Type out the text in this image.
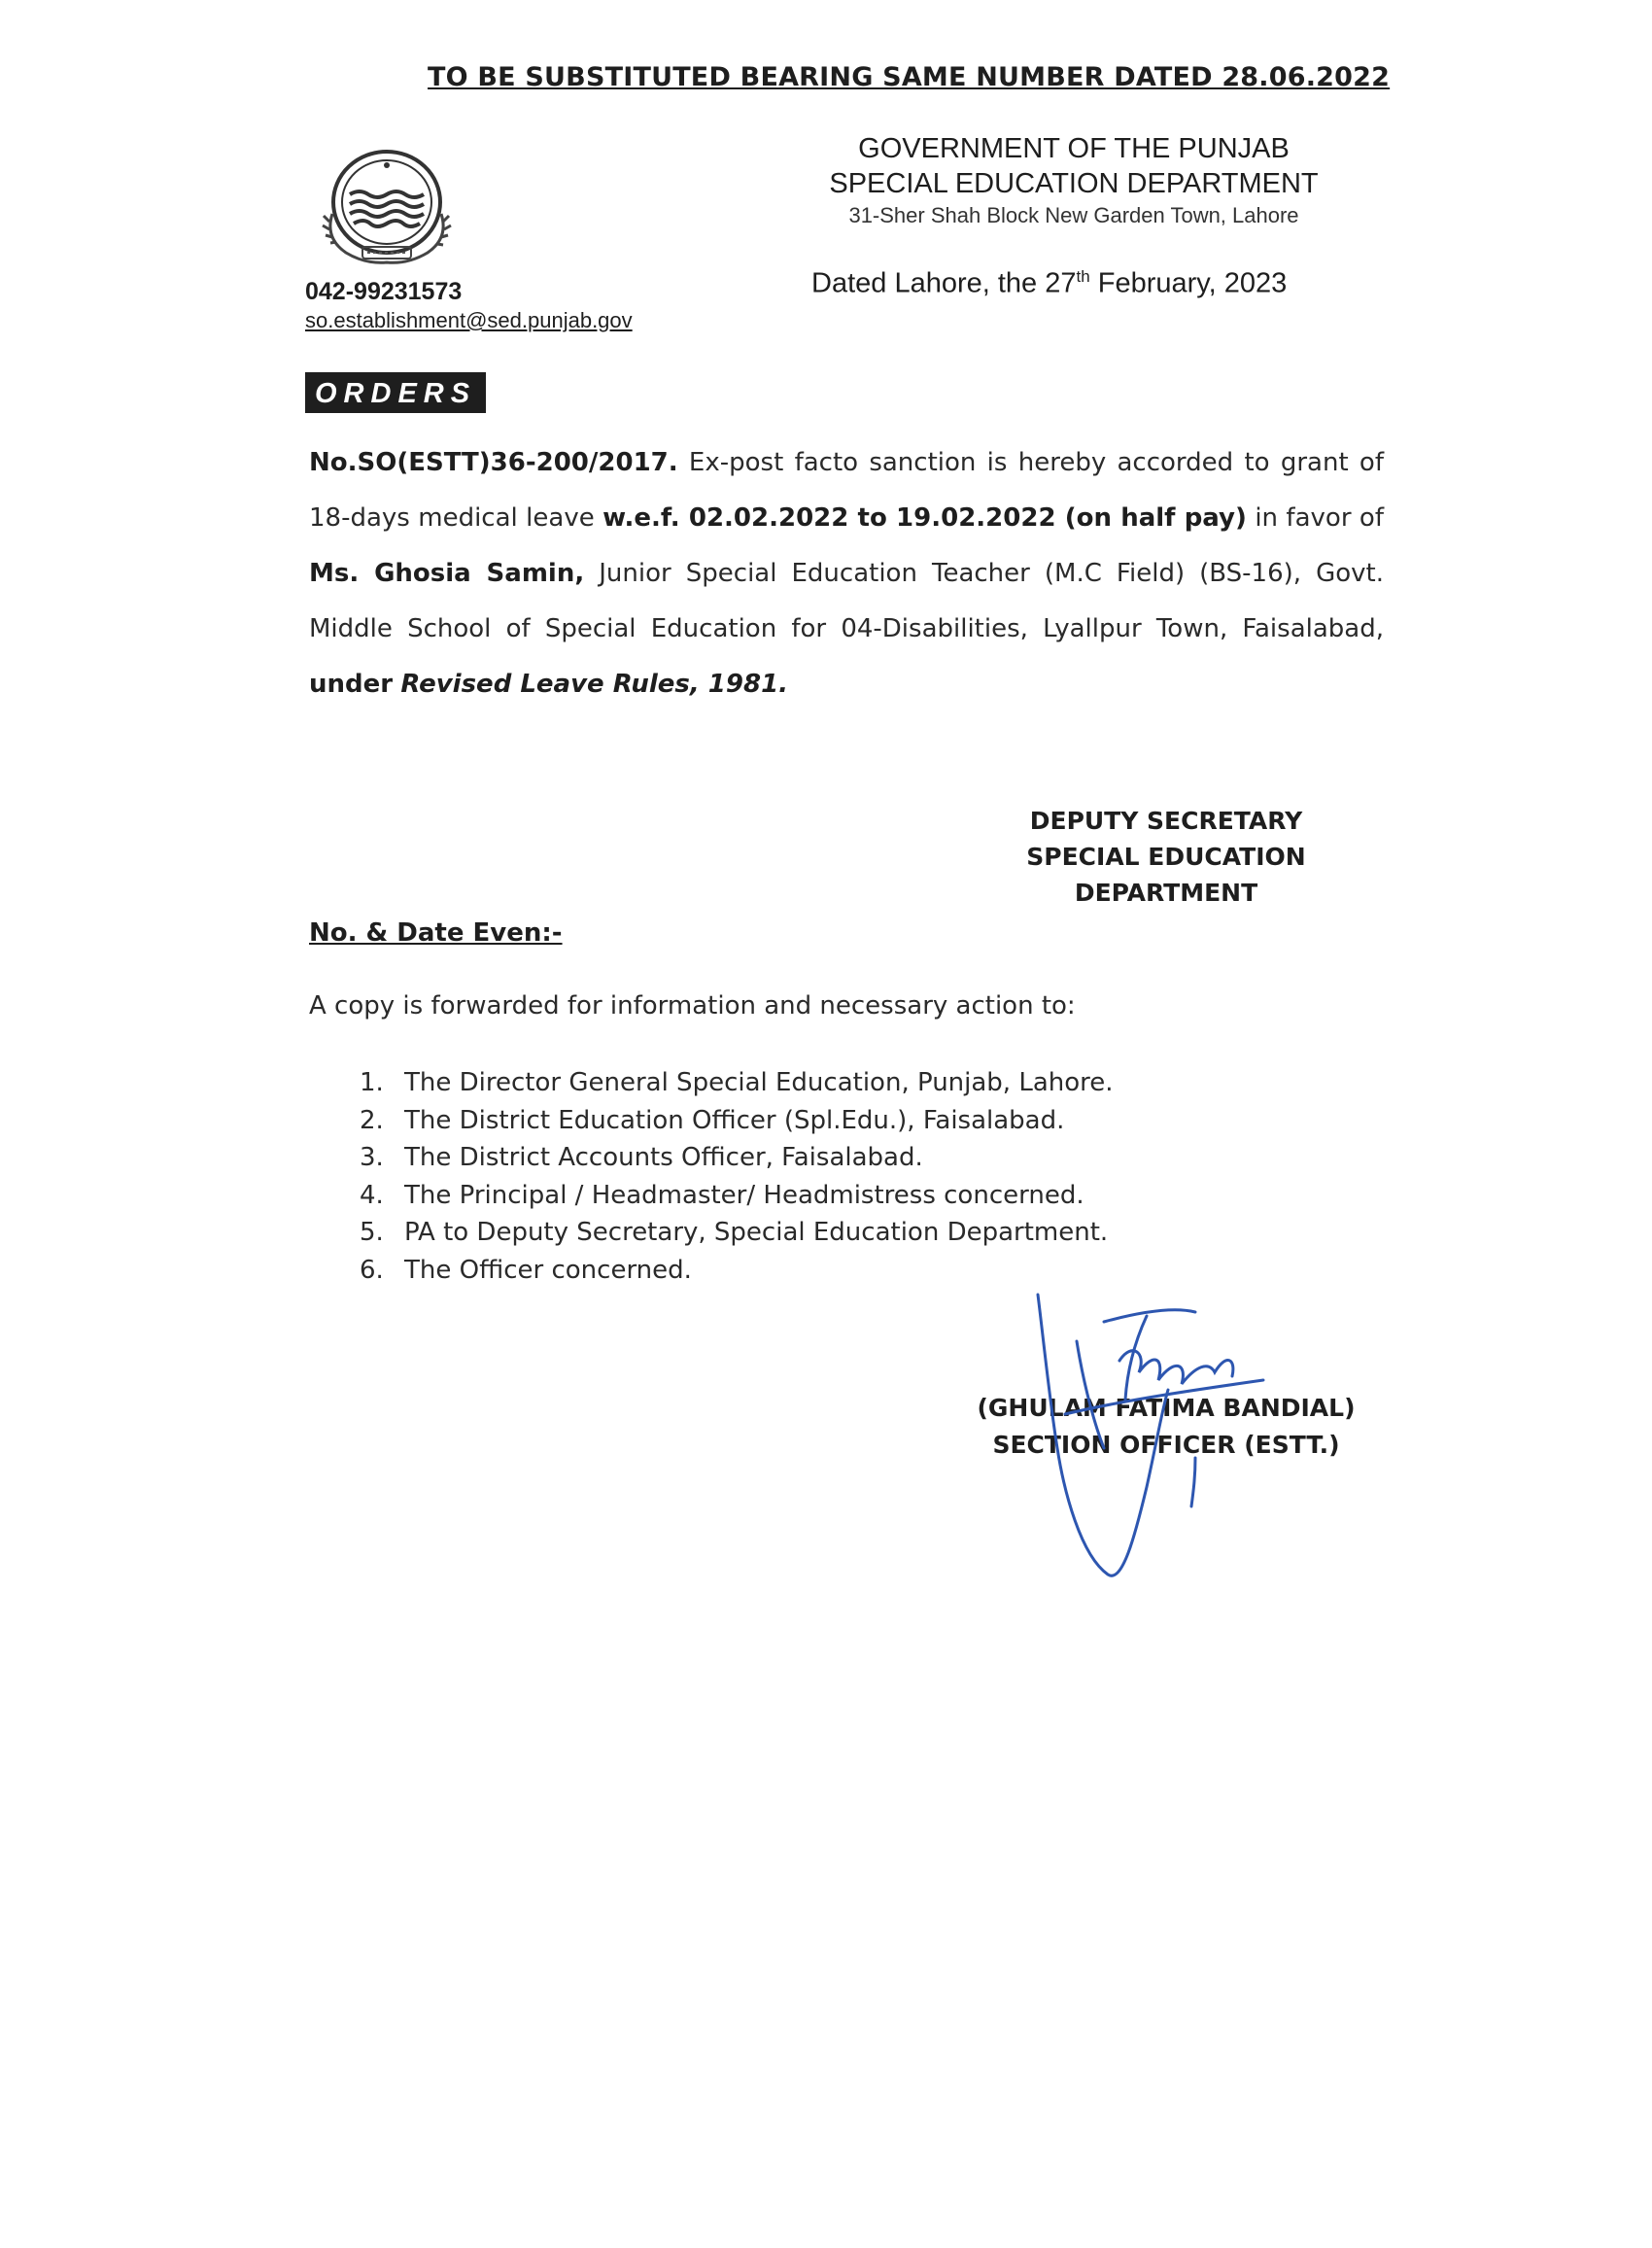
TO BE SUBSTITUTED BEARING SAME NUMBER DATED 28.06.2022
GOVERNMENT OF THE PUNJAB
SPECIAL EDUCATION DEPARTMENT
31-Sher Shah Block New Garden Town, Lahore
042-99231573
so.establishment@sed.punjab.gov
Dated Lahore, the 27th February, 2023
ORDERS
No.SO(ESTT)36-200/2017. Ex-post facto sanction is hereby accorded to grant of 18-days medical leave w.e.f. 02.02.2022 to 19.02.2022 (on half pay) in favor of Ms. Ghosia Samin, Junior Special Education Teacher (M.C Field) (BS-16), Govt. Middle School of Special Education for 04-Disabilities, Lyallpur Town, Faisalabad, under Revised Leave Rules, 1981.
DEPUTY SECRETARY
SPECIAL EDUCATION
DEPARTMENT
No. & Date Even:-
A copy is forwarded for information and necessary action to:
1. The Director General Special Education, Punjab, Lahore.
2. The District Education Officer (Spl.Edu.), Faisalabad.
3. The District Accounts Officer, Faisalabad.
4. The Principal / Headmaster/ Headmistress concerned.
5. PA to Deputy Secretary, Special Education Department.
6. The Officer concerned.
(GHULAM FATIMA BANDIAL)
SECTION OFFICER (ESTT.)
